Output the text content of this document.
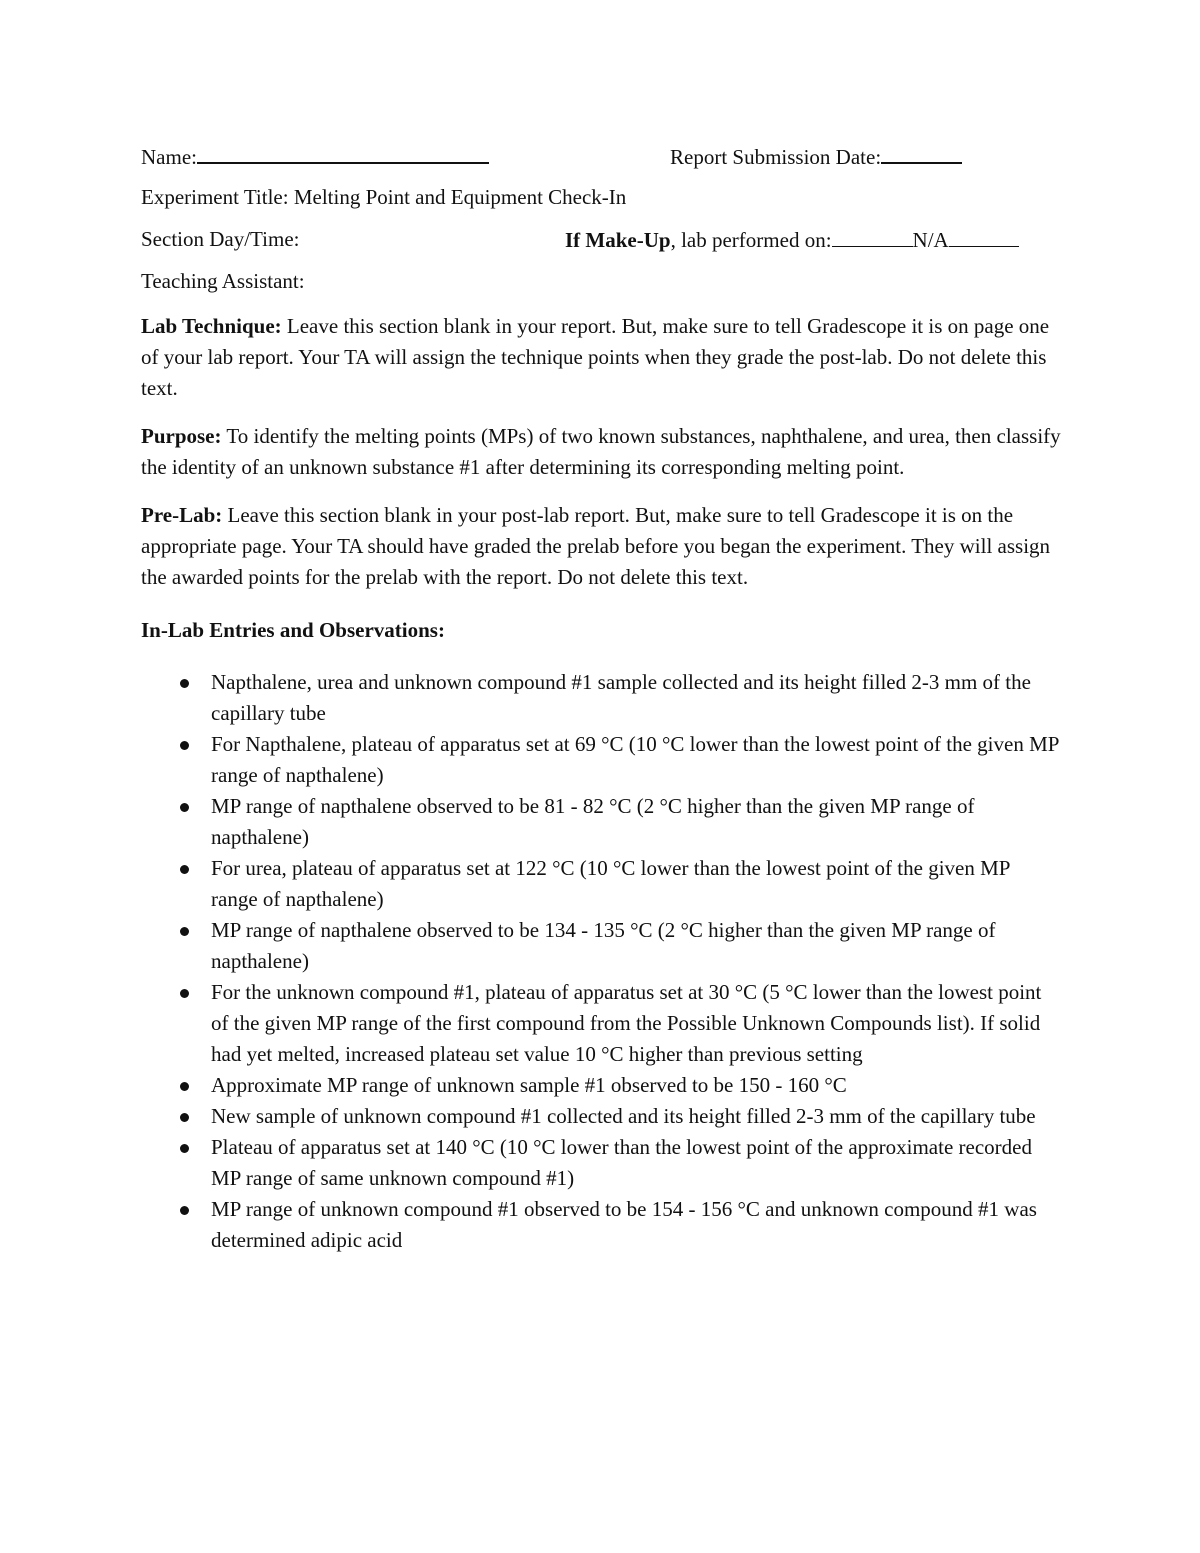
Name:	Report Submission Date:
Experiment Title: Melting Point and Equipment Check-In
Section Day/Time:	If Make-Up, lab performed on:	N/A
Teaching Assistant:

Lab Technique: Leave this section blank in your report. But, make sure to tell Gradescope it is on page one of your lab report. Your TA will assign the technique points when they grade the post-lab. Do not delete this text.

Purpose: To identify the melting points (MPs) of two known substances, naphthalene, and urea, then classify the identity of an unknown substance #1 after determining its corresponding melting point.

Pre-Lab: Leave this section blank in your post-lab report. But, make sure to tell Gradescope it is on the appropriate page. Your TA should have graded the prelab before you began the experiment. They will assign the awarded points for the prelab with the report. Do not delete this text.

In-Lab Entries and Observations:
Napthalene, urea and unknown compound #1 sample collected and its height filled 2-3 mm of the capillary tube
For Napthalene, plateau of apparatus set at 69 °C (10 °C lower than the lowest point of the given MP range of napthalene)
MP range of napthalene observed to be 81 - 82 °C (2 °C higher than the given MP range of napthalene)
For urea, plateau of apparatus set at 122 °C (10 °C lower than the lowest point of the given MP range of napthalene)
MP range of napthalene observed to be 134 - 135 °C (2 °C higher than the given MP range of napthalene)
For the unknown compound #1, plateau of apparatus set at 30 °C (5 °C lower than the lowest point of the given MP range of the first compound from the Possible Unknown Compounds list). If solid had yet melted, increased plateau set value 10 °C higher than previous setting
Approximate MP range of unknown sample #1 observed to be 150 - 160 °C
New sample of unknown compound #1 collected and its height filled 2-3 mm of the capillary tube
Plateau of apparatus set at 140 °C (10 °C lower than the lowest point of the approximate recorded MP range of same unknown compound #1)
MP range of unknown compound #1 observed to be 154 - 156 °C and unknown compound #1 was determined adipic acid
